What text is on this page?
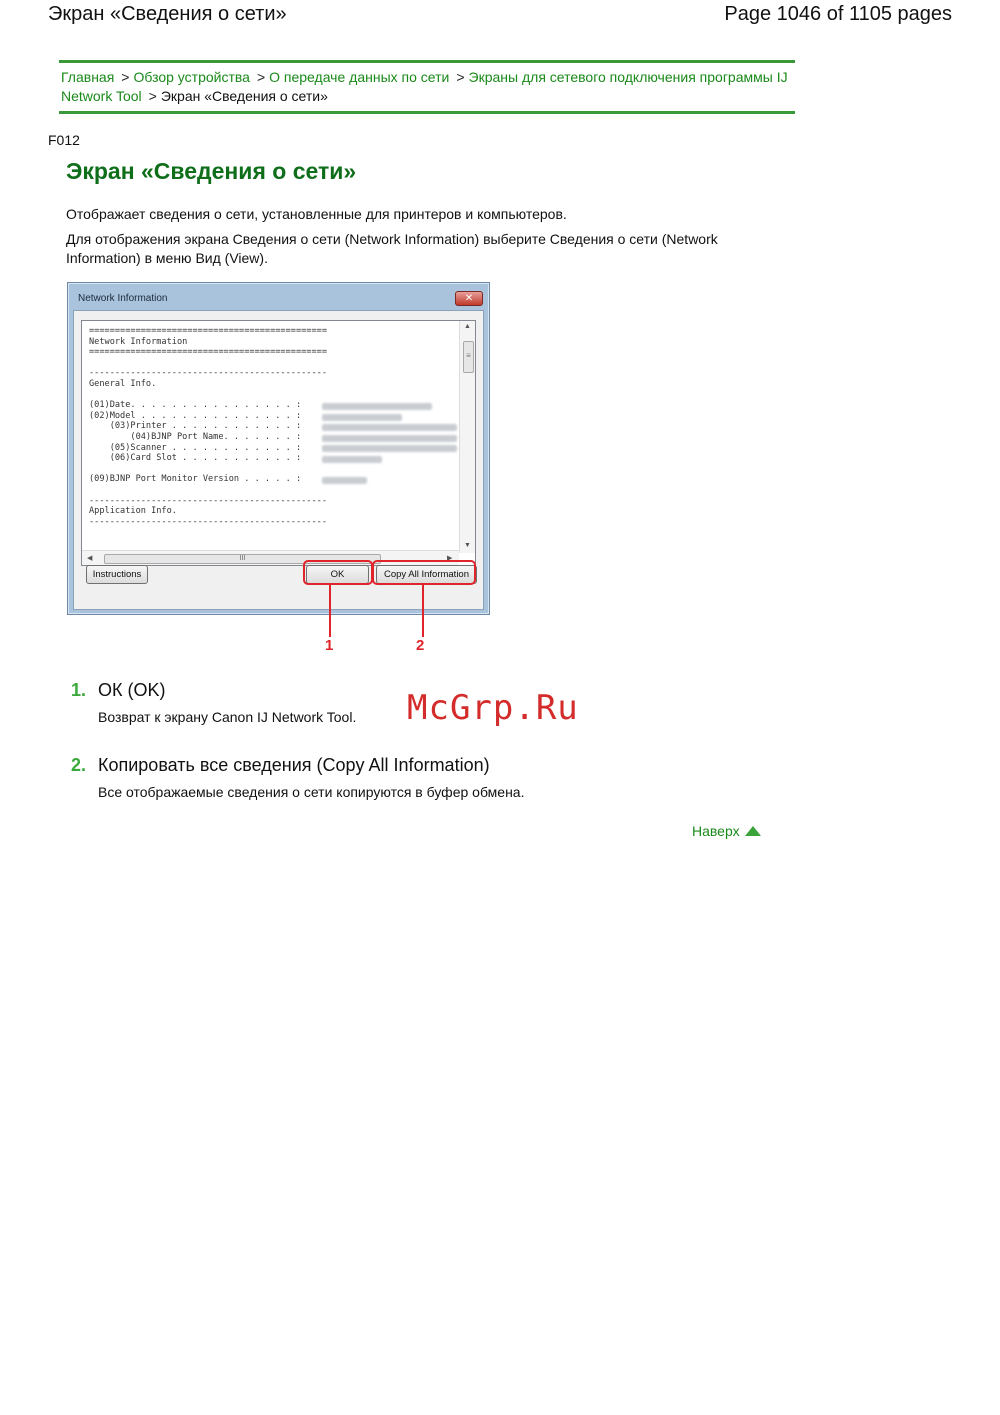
Экран «Сведения о сети»	Page 1046 of 1105 pages
Главная > Обзор устройства > О передаче данных по сети > Экраны для сетевого подключения программы IJ Network Tool > Экран «Сведения о сети»
F012
Экран «Сведения о сети»
Отображает сведения о сети, установленные для принтеров и компьютеров.
Для отображения экрана Сведения о сети (Network Information) выберите Сведения о сети (Network Information) в меню Вид (View).
Network Information	✕
==============================================
Network Information
==============================================

----------------------------------------------
General Info.

(01)Date. . . . . . . . . . . . . . . . :
(02)Model . . . . . . . . . . . . . . . :
(03)Printer . . . . . . . . . . . . :
(04)BJNP Port Name. . . . . . . :
(05)Scanner . . . . . . . . . . . . :
(06)Card Slot . . . . . . . . . . . :

(09)BJNP Port Monitor Version . . . . . :

----------------------------------------------
Application Info.
----------------------------------------------
▲
≡
▼
◀	III	▶
Instructions	OK	Copy All Information
1	2
1. ОК (OK)
Возврат к экрану Canon IJ Network Tool. McGrp.Ru
2. Копировать все сведения (Copy All Information)
Все отображаемые сведения о сети копируются в буфер обмена.
Наверх
